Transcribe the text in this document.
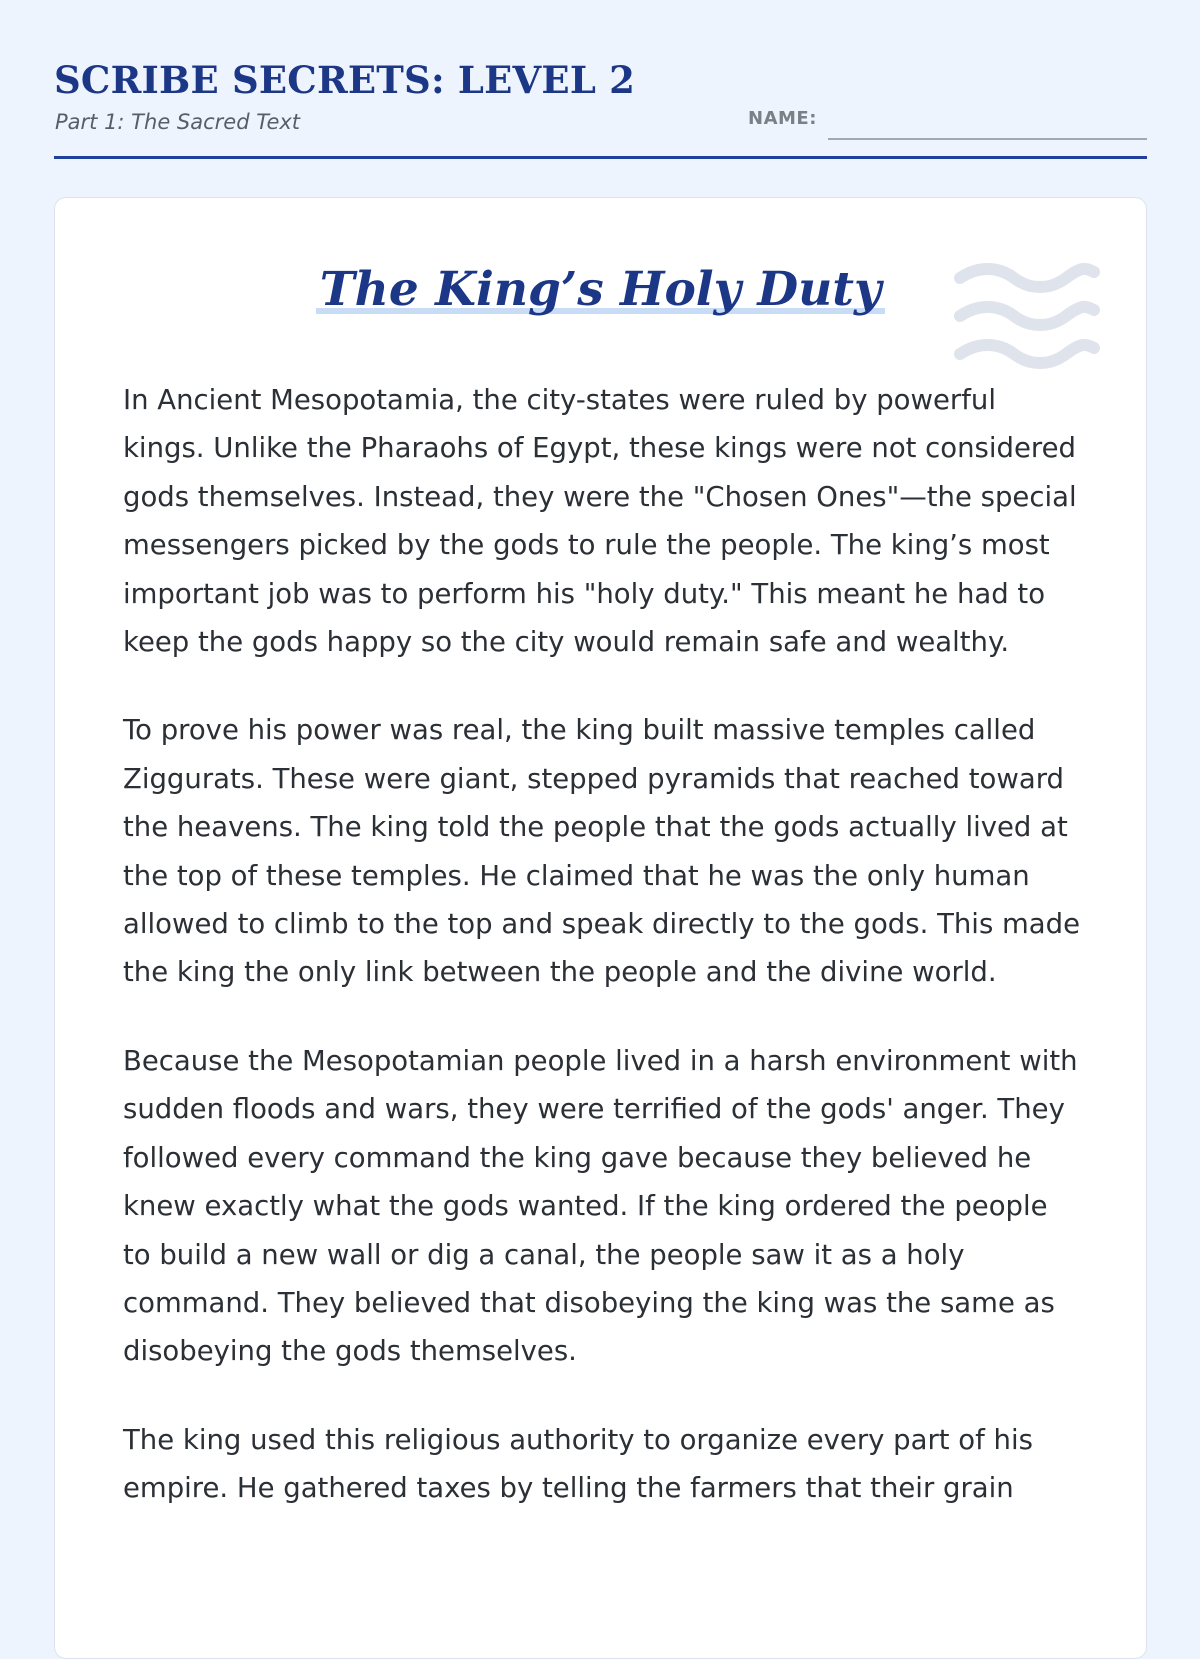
SCRIBE SECRETS: LEVEL 2
Part 1: The Sacred Text	NAME:
The King’s Holy Duty

In Ancient Mesopotamia, the city-states were ruled by powerful kings. Unlike the Pharaohs of Egypt, these kings were not considered gods themselves. Instead, they were the "Chosen Ones"—the special messengers picked by the gods to rule the people. The king’s most important job was to perform his "holy duty." This meant he had to keep the gods happy so the city would remain safe and wealthy.

To prove his power was real, the king built massive temples called Ziggurats. These were giant, stepped pyramids that reached toward the heavens. The king told the people that the gods actually lived at the top of these temples. He claimed that he was the only human allowed to climb to the top and speak directly to the gods. This made the king the only link between the people and the divine world.

Because the Mesopotamian people lived in a harsh environment with sudden floods and wars, they were terrified of the gods' anger. They followed every command the king gave because they believed he knew exactly what the gods wanted. If the king ordered the people to build a new wall or dig a canal, the people saw it as a holy command. They believed that disobeying the king was the same as disobeying the gods themselves.

The king used this religious authority to organize every part of his empire. He gathered taxes by telling the farmers that their grain
